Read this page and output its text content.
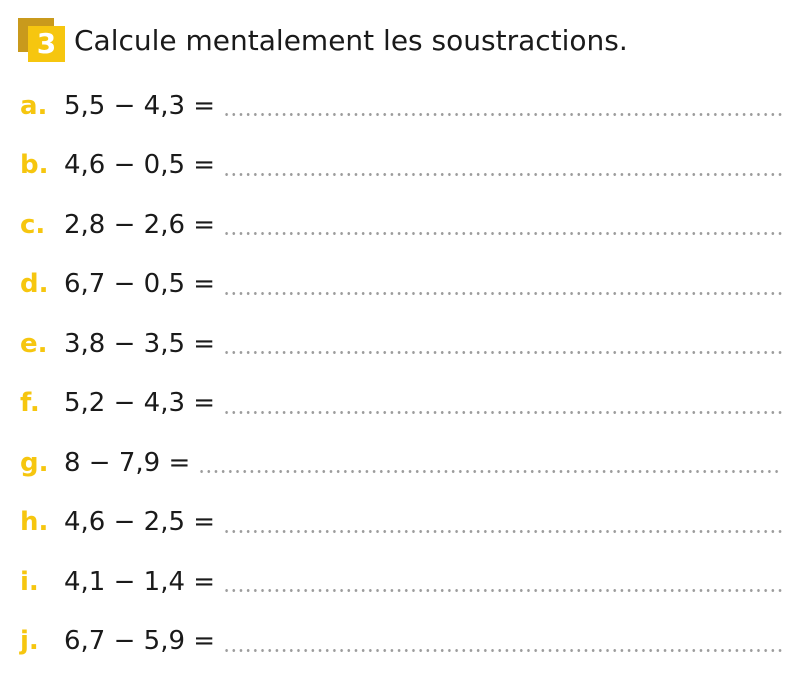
3 Calcule mentalement les soustractions.
a. 5,5 − 4,3 =
b. 4,6 − 0,5 =
c. 2,8 − 2,6 =
d. 6,7 − 0,5 =
e. 3,8 − 3,5 =
f. 5,2 − 4,3 =
g. 8 − 7,9 =
h. 4,6 − 2,5 =
i. 4,1 − 1,4 =
j. 6,7 − 5,9 =
